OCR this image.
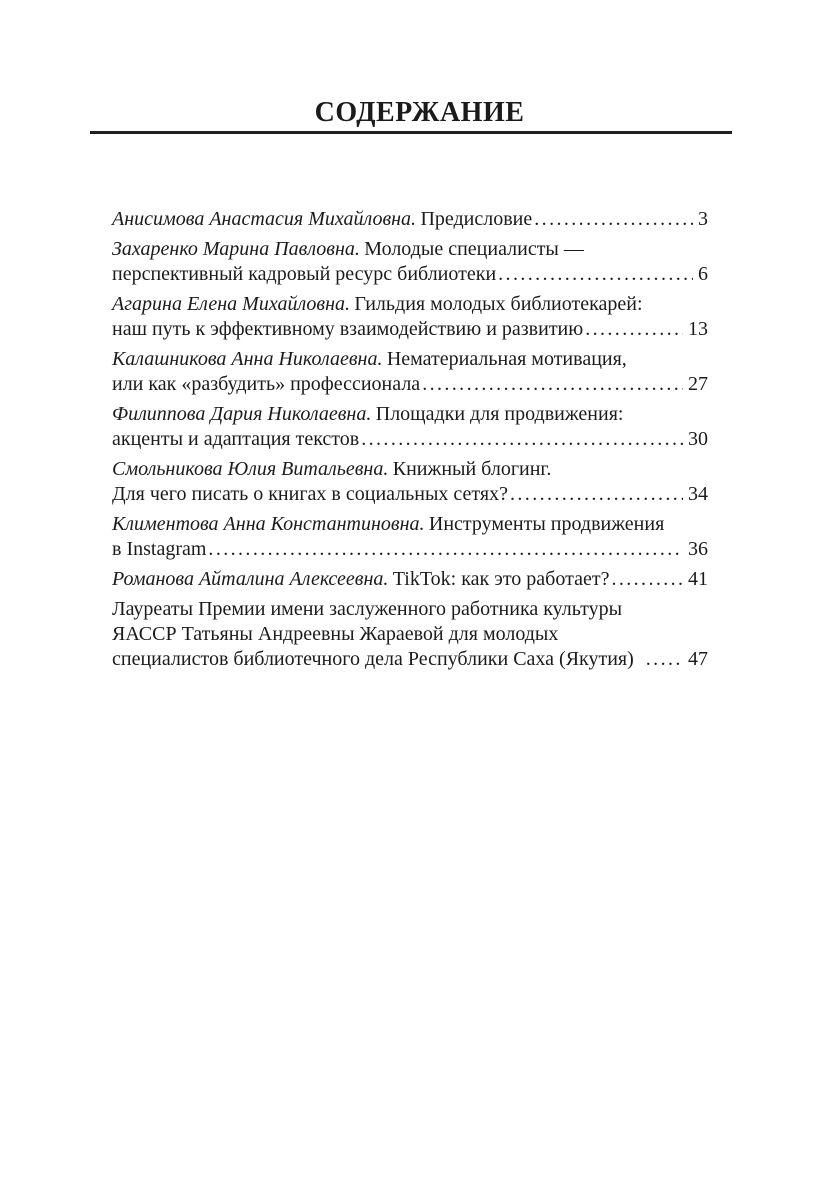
СОДЕРЖАНИЕ
Анисимова Анастасия Михайловна. Предисловие .....	3
Захаренко Марина Павловна. Молодые специалисты —
перспективный кадровый ресурс библиотеки .....	6
Агарина Елена Михайловна. Гильдия молодых библиотекарей:
наш путь к эффективному взаимодействию и развитию .....	13
Калашникова Анна Николаевна. Нематериальная мотивация,
или как «разбудить» профессионала .....	27
Филиппова Дария Николаевна. Площадки для продвижения:
акценты и адаптация текстов .....	30
Смольникова Юлия Витальевна. Книжный блогинг.
Для чего писать о книгах в социальных сетях? .....	34
Климентова Анна Константиновна. Инструменты продвижения
в Instagram .....	36
Романова Айталина Алексеевна. TikTok: как это работает? .....	41
Лауреаты Премии имени заслуженного работника культуры
ЯАССР Татьяны Андреевны Жараевой для молодых
специалистов библиотечного дела Республики Саха (Якутия) ..... 47
